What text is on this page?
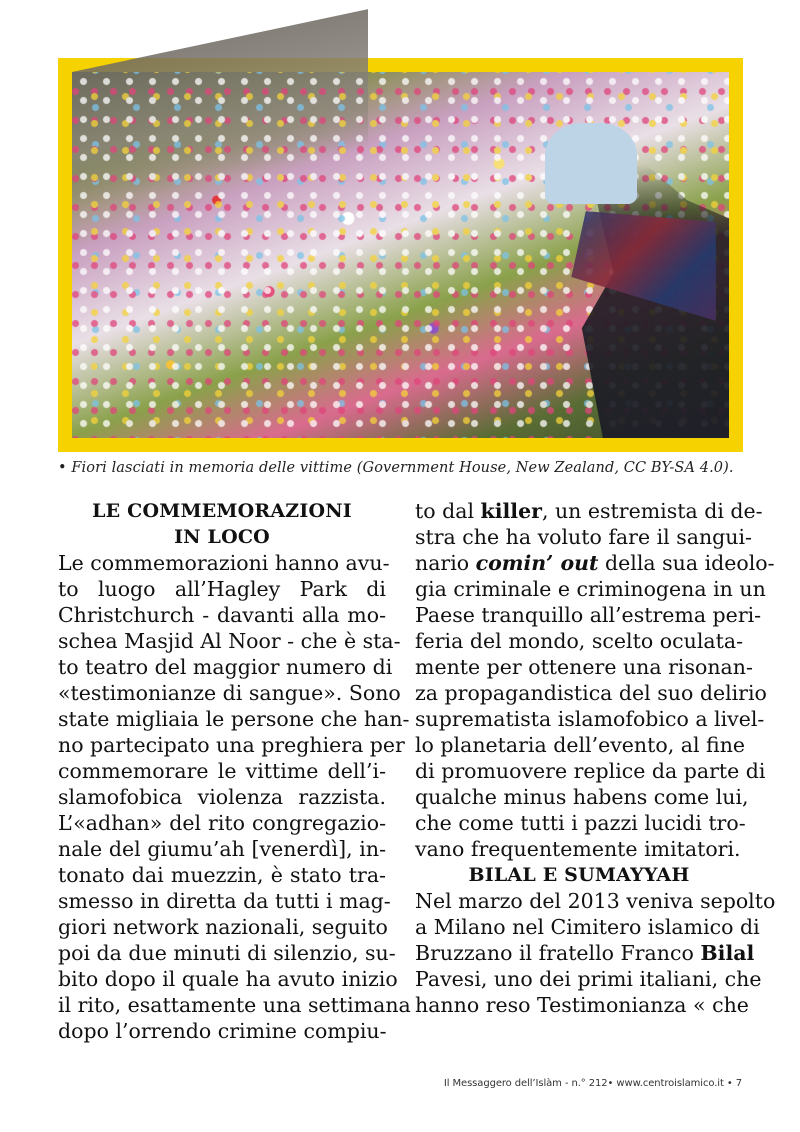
• Fiori lasciati in memoria delle vittime (Government House, New Zealand, CC BY-SA 4.0).
LE COMMEMORAZIONI
IN LOCO
Le commemorazioni hanno avu-
to luogo all’Hagley Park di
Christchurch - davanti alla mo-
schea Masjid Al Noor - che è sta-
to teatro del maggior numero di
«testimonianze di sangue». Sono
state migliaia le persone che han-
no partecipato una preghiera per
commemorare le vittime dell’i-
slamofobica violenza razzista.
L’«adhan» del rito congregazio-
nale del giumu’ah [venerdì], in-
tonato dai muezzin, è stato tra-
smesso in diretta da tutti i mag-
giori network nazionali, seguito
poi da due minuti di silenzio, su-
bito dopo il quale ha avuto inizio
il rito, esattamente una settimana
dopo l’orrendo crimine compiu-
to dal killer, un estremista di de-
stra che ha voluto fare il sangui-
nario comin’ out della sua ideolo-
gia criminale e criminogena in un
Paese tranquillo all’estrema peri-
feria del mondo, scelto oculata-
mente per ottenere una risonan-
za propagandistica del suo delirio
suprematista islamofobico a livel-
lo planetaria dell’evento, al fine
di promuovere replice da parte di
qualche minus habens come lui,
che come tutti i pazzi lucidi tro-
vano frequentemente imitatori.
BILAL E SUMAYYAH
Nel marzo del 2013 veniva sepolto
a Milano nel Cimitero islamico di
Bruzzano il fratello Franco Bilal
Pavesi, uno dei primi italiani, che
hanno reso Testimonianza « che
Il Messaggero dell’Islàm - n.° 212• www.centroislamico.it • 7
